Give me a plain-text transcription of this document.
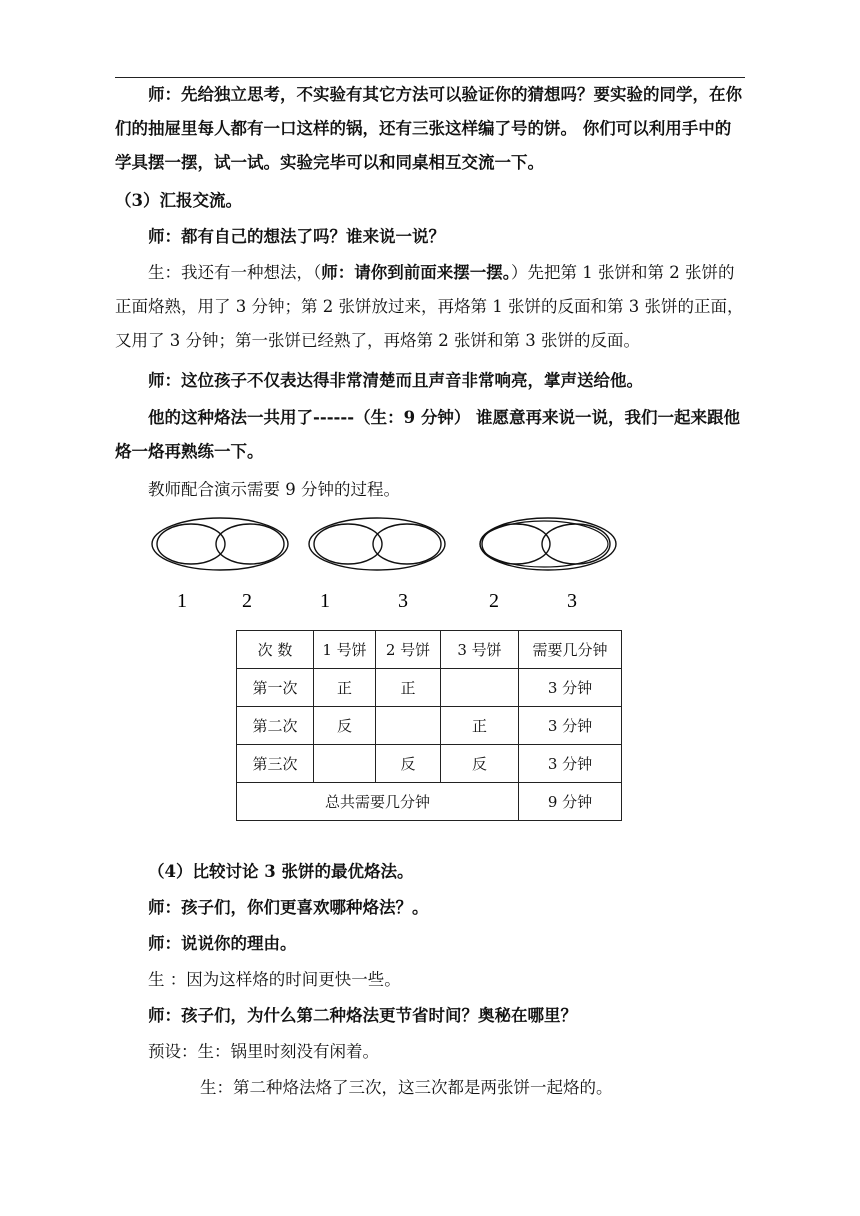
师：先给独立思考，不实验有其它方法可以验证你的猜想吗？要实验的同学，在你们的抽屉里每人都有一口这样的锅，还有三张这样编了号的饼。 你们可以利用手中的学具摆一摆，试一试。实验完毕可以和同桌相互交流一下。

（3）汇报交流。

师：都有自己的想法了吗？谁来说一说？

生：我还有一种想法，（师：请你到前面来摆一摆。）先把第 1 张饼和第 2 张饼的正面烙熟，用了 3 分钟；第 2 张饼放过来，再烙第 1 张饼的反面和第 3 张饼的正面，又用了 3 分钟；第一张饼已经熟了，再烙第 2 张饼和第 3 张饼的反面。

师：这位孩子不仅表达得非常清楚而且声音非常响亮，掌声送给他。

他的这种烙法一共用了------（生：9 分钟） 谁愿意再来说一说，我们一起来跟他烙一烙再熟练一下。

教师配合演示需要 9 分钟的过程。

1	2	1	3	2	3
次 数	1 号饼	2 号饼	3 号饼	需要几分钟
第一次	正	正		3 分钟
第二次	反		正	3 分钟
第三次		反	反	3 分钟
总共需要几分钟				9 分钟

（4）比较讨论 3 张饼的最优烙法。

师：孩子们，你们更喜欢哪种烙法？。

师：说说你的理由。

生 ：因为这样烙的时间更快一些。

师：孩子们，为什么第二种烙法更节省时间？奥秘在哪里？

预设：生：锅里时刻没有闲着。

生：第二种烙法烙了三次，这三次都是两张饼一起烙的。
